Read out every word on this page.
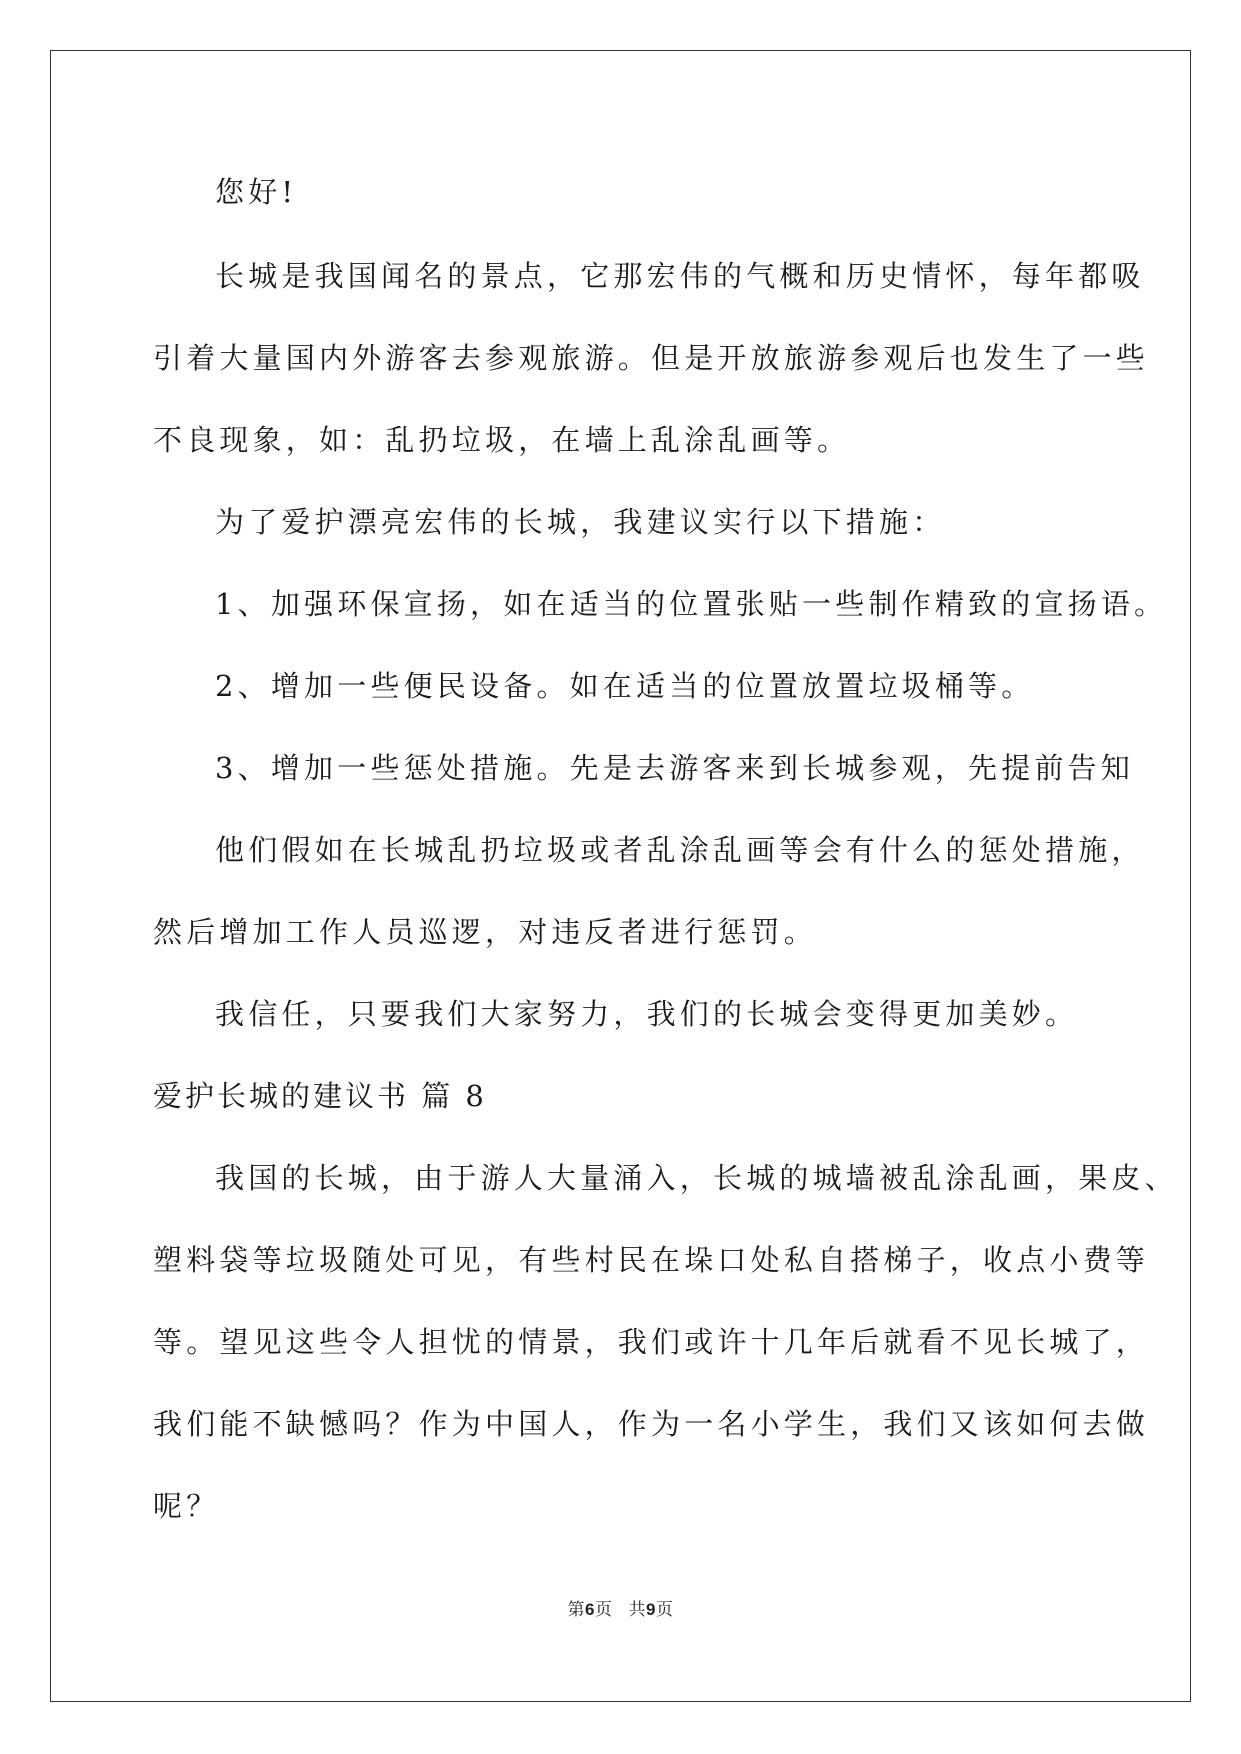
您好!
长城是我国闻名的景点，它那宏伟的气概和历史情怀，每年都吸
引着大量国内外游客去参观旅游。但是开放旅游参观后也发生了一些
不良现象，如：乱扔垃圾，在墙上乱涂乱画等。
为了爱护漂亮宏伟的长城，我建议实行以下措施：
1、加强环保宣扬，如在适当的位置张贴一些制作精致的宣扬语。
2、增加一些便民设备。如在适当的位置放置垃圾桶等。
3、增加一些惩处措施。先是去游客来到长城参观，先提前告知
他们假如在长城乱扔垃圾或者乱涂乱画等会有什么的惩处措施，
然后增加工作人员巡逻，对违反者进行惩罚。
我信任，只要我们大家努力，我们的长城会变得更加美妙。
爱护长城的建议书 篇 8
我国的长城，由于游人大量涌入，长城的城墙被乱涂乱画，果皮、
塑料袋等垃圾随处可见，有些村民在垛口处私自搭梯子，收点小费等
等。望见这些令人担忧的情景，我们或许十几年后就看不见长城了，
我们能不缺憾吗？作为中国人，作为一名小学生，我们又该如何去做
呢？
第6页 共9页
